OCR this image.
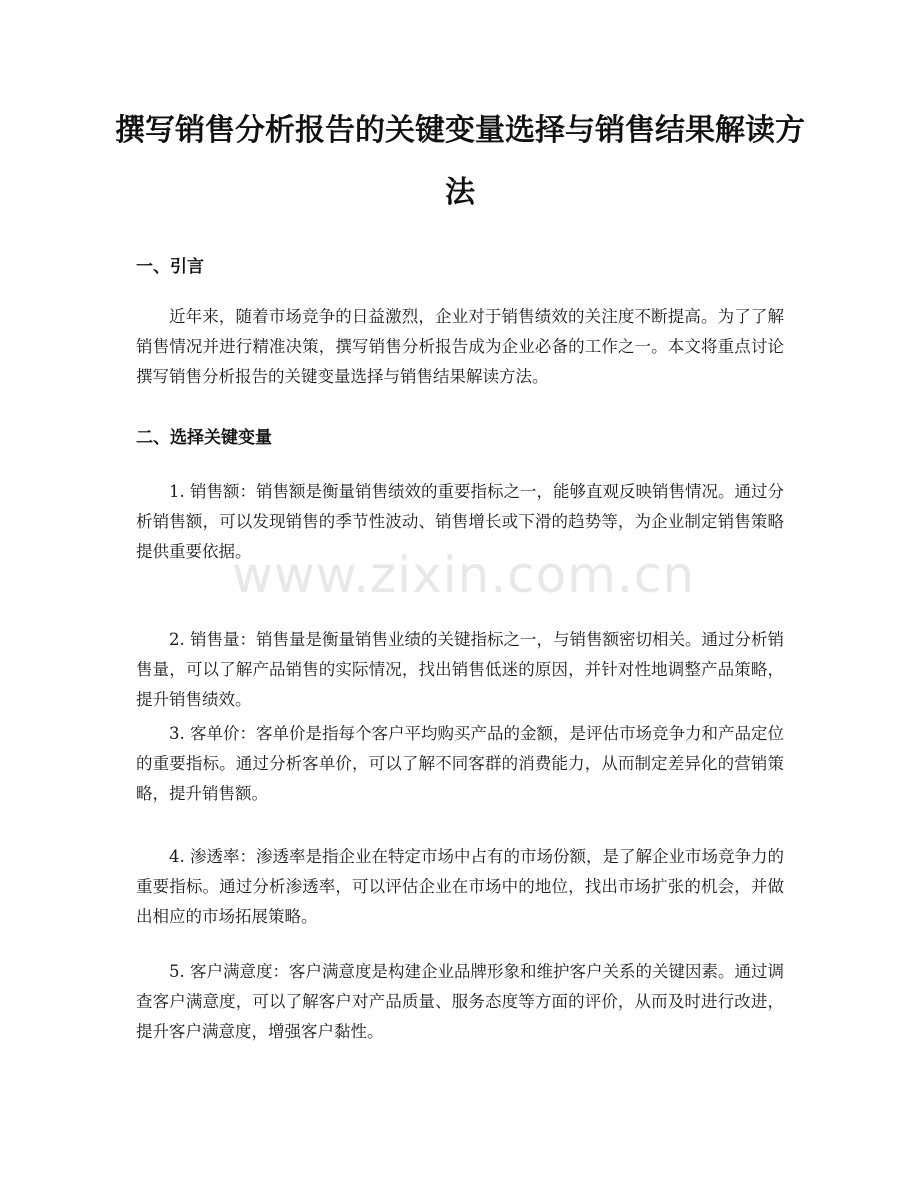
撰写销售分析报告的关键变量选择与销售结果解读方法
一、引言

近年来，随着市场竞争的日益激烈，企业对于销售绩效的关注度不断提高。为了了解销售情况并进行精准决策，撰写销售分析报告成为企业必备的工作之一。本文将重点讨论撰写销售分析报告的关键变量选择与销售结果解读方法。

二、选择关键变量

1. 销售额：销售额是衡量销售绩效的重要指标之一，能够直观反映销售情况。通过分析销售额，可以发现销售的季节性波动、销售增长或下滑的趋势等，为企业制定销售策略提供重要依据。

2. 销售量：销售量是衡量销售业绩的关键指标之一，与销售额密切相关。通过分析销售量，可以了解产品销售的实际情况，找出销售低迷的原因，并针对性地调整产品策略，提升销售绩效。

3. 客单价：客单价是指每个客户平均购买产品的金额，是评估市场竞争力和产品定位的重要指标。通过分析客单价，可以了解不同客群的消费能力，从而制定差异化的营销策略，提升销售额。

4. 渗透率：渗透率是指企业在特定市场中占有的市场份额，是了解企业市场竞争力的重要指标。通过分析渗透率，可以评估企业在市场中的地位，找出市场扩张的机会，并做出相应的市场拓展策略。

5. 客户满意度：客户满意度是构建企业品牌形象和维护客户关系的关键因素。通过调查客户满意度，可以了解客户对产品质量、服务态度等方面的评价，从而及时进行改进，提升客户满意度，增强客户黏性。

www.zixin.com.cn
